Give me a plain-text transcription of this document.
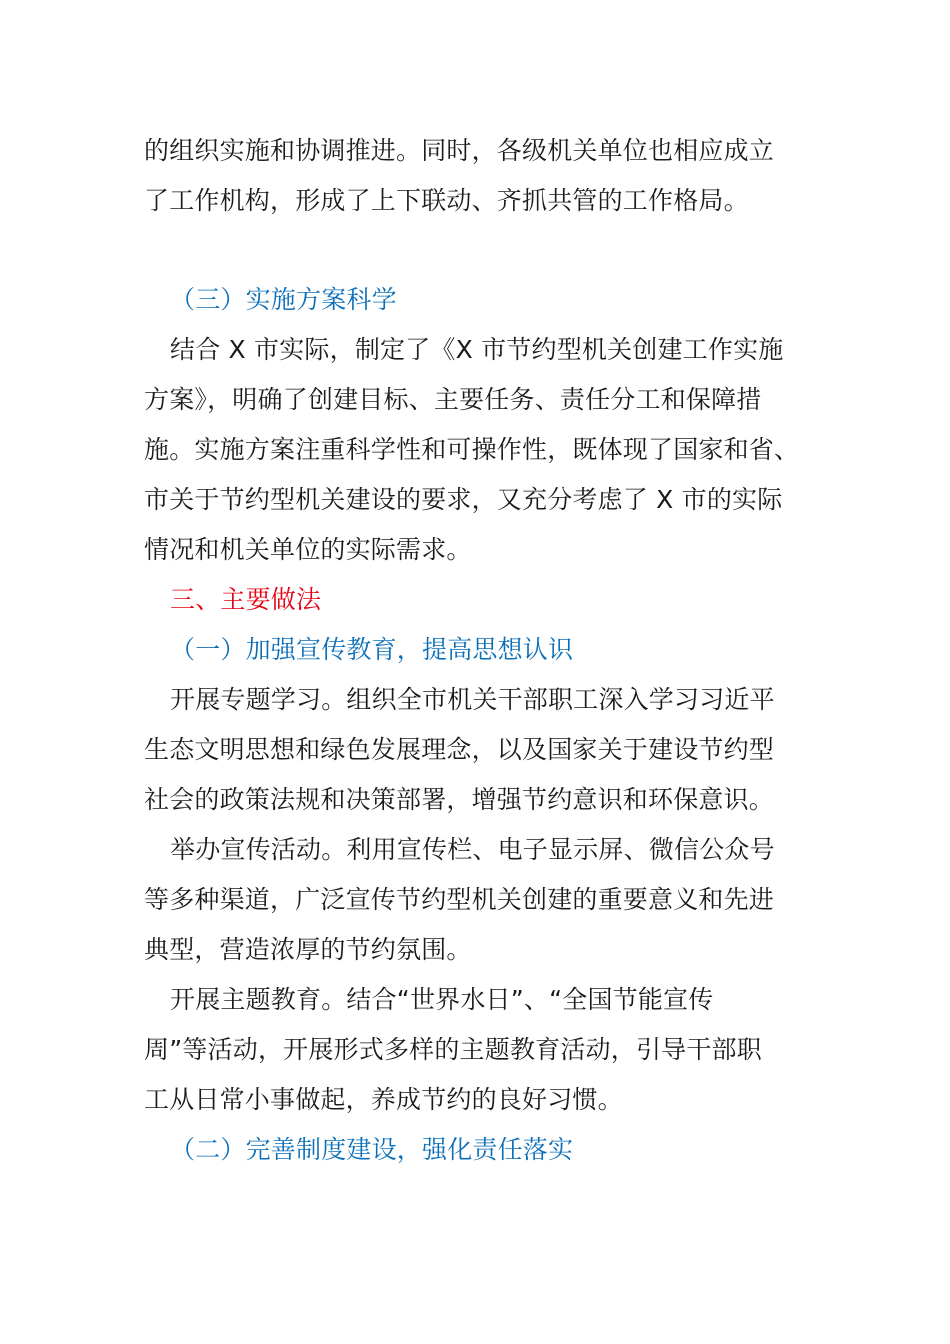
的组织实施和协调推进。同时，各级机关单位也相应成立
了工作机构，形成了上下联动、齐抓共管的工作格局。
（三）实施方案科学
结合 X 市实际，制定了《X 市节约型机关创建工作实施
方案》，明确了创建目标、主要任务、责任分工和保障措
施。实施方案注重科学性和可操作性，既体现了国家和省、
市关于节约型机关建设的要求，又充分考虑了 X 市的实际
情况和机关单位的实际需求。
三、主要做法
（一）加强宣传教育，提高思想认识
开展专题学习。组织全市机关干部职工深入学习习近平
生态文明思想和绿色发展理念，以及国家关于建设节约型
社会的政策法规和决策部署，增强节约意识和环保意识。
举办宣传活动。利用宣传栏、电子显示屏、微信公众号
等多种渠道，广泛宣传节约型机关创建的重要意义和先进
典型，营造浓厚的节约氛围。
开展主题教育。结合“世界水日”、“全国节能宣传
周”等活动，开展形式多样的主题教育活动，引导干部职
工从日常小事做起，养成节约的良好习惯。
（二）完善制度建设，强化责任落实
